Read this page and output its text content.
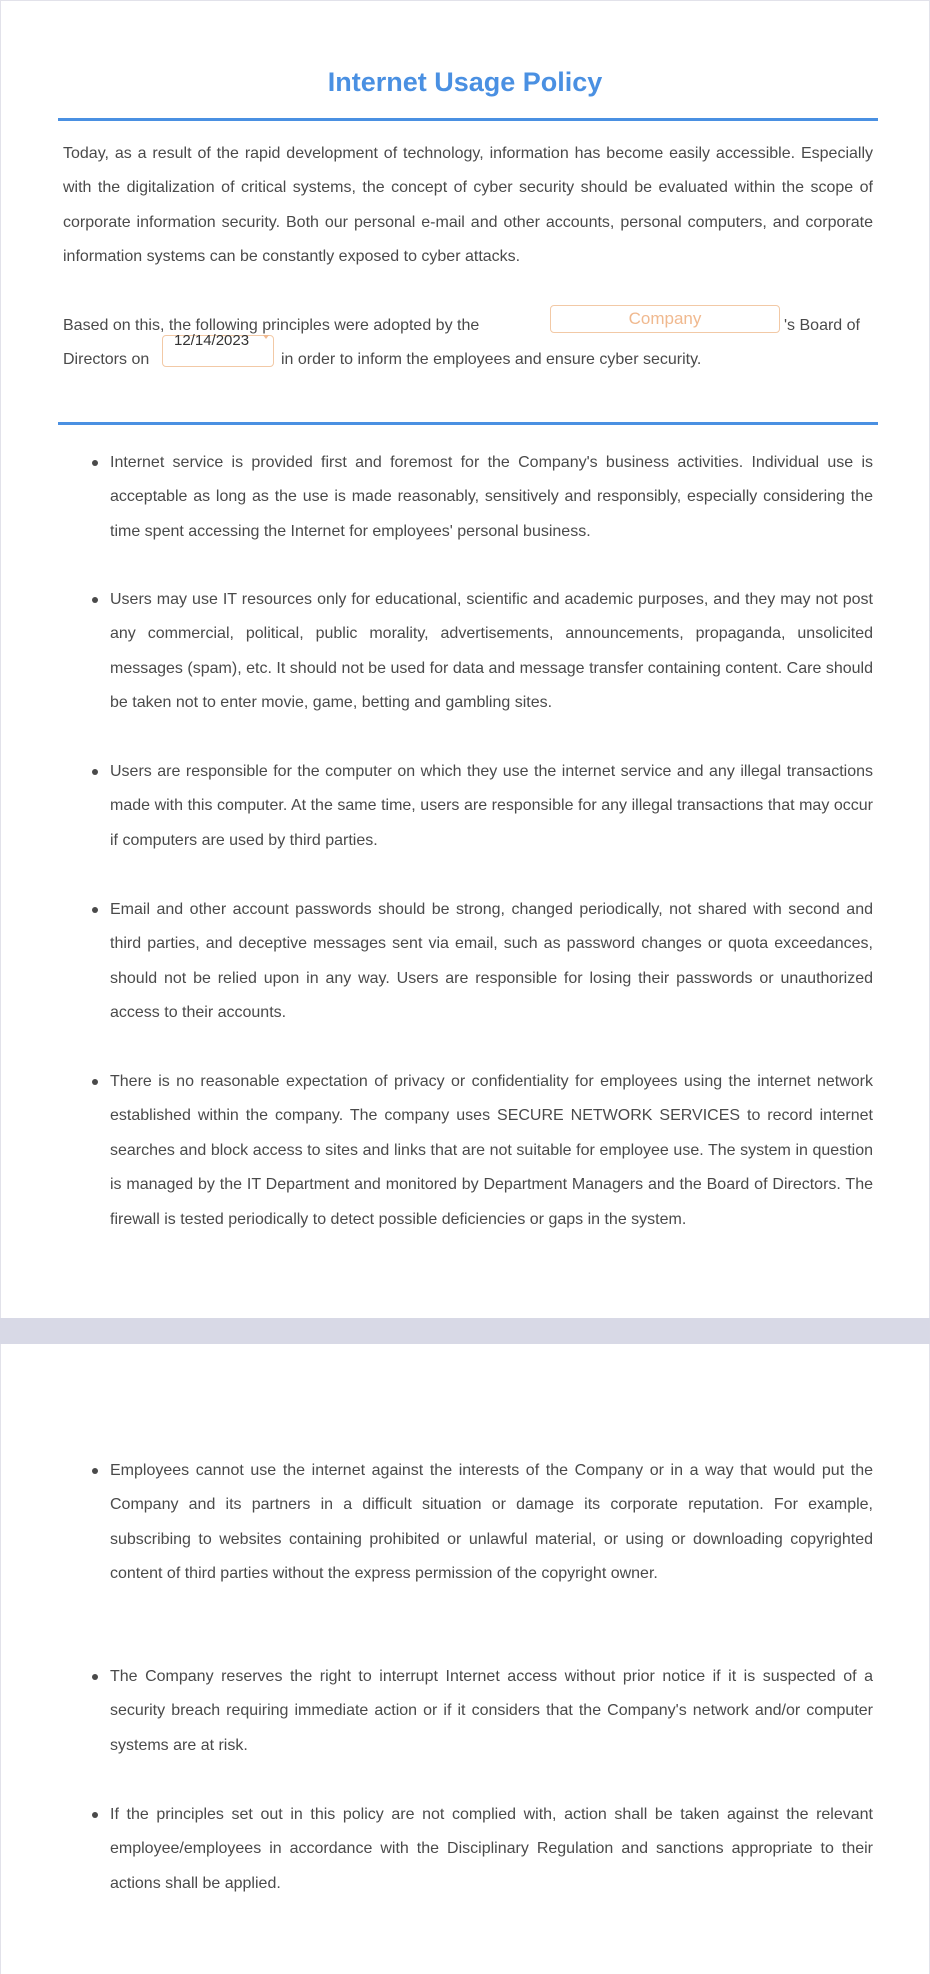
Internet Usage Policy

Today, as a result of the rapid development of technology, information has become easily accessible. Especially with the digitalization of critical systems, the concept of cyber security should be evaluated within the scope of corporate information security. Both our personal e-mail and other accounts, personal computers, and corporate information systems can be constantly exposed to cyber attacks.

Based on this, the following principles were adopted by the	's Board of
Company
Directors on	in order to inform the employees and ensure cyber security.
12/14/2023

Internet service is provided first and foremost for the Company's business activities. Individual use is acceptable as long as the use is made reasonably, sensitively and responsibly, especially considering the time spent accessing the Internet for employees' personal business.

Users may use IT resources only for educational, scientific and academic purposes, and they may not post any commercial, political, public morality, advertisements, announcements, propaganda, unsolicited messages (spam), etc. It should not be used for data and message transfer containing content. Care should be taken not to enter movie, game, betting and gambling sites.

Users are responsible for the computer on which they use the internet service and any illegal transactions made with this computer. At the same time, users are responsible for any illegal transactions that may occur if computers are used by third parties.

Email and other account passwords should be strong, changed periodically, not shared with second and third parties, and deceptive messages sent via email, such as password changes or quota exceedances, should not be relied upon in any way. Users are responsible for losing their passwords or unauthorized access to their accounts.

There is no reasonable expectation of privacy or confidentiality for employees using the internet network established within the company. The company uses SECURE NETWORK SERVICES to record internet searches and block access to sites and links that are not suitable for employee use. The system in question is managed by the IT Department and monitored by Department Managers and the Board of Directors. The firewall is tested periodically to detect possible deficiencies or gaps in the system.

Employees cannot use the internet against the interests of the Company or in a way that would put the Company and its partners in a difficult situation or damage its corporate reputation. For example, subscribing to websites containing prohibited or unlawful material, or using or downloading copyrighted content of third parties without the express permission of the copyright owner.

The Company reserves the right to interrupt Internet access without prior notice if it is suspected of a security breach requiring immediate action or if it considers that the Company's network and/or computer systems are at risk.

If the principles set out in this policy are not complied with, action shall be taken against the relevant employee/employees in accordance with the Disciplinary Regulation and sanctions appropriate to their actions shall be applied.
